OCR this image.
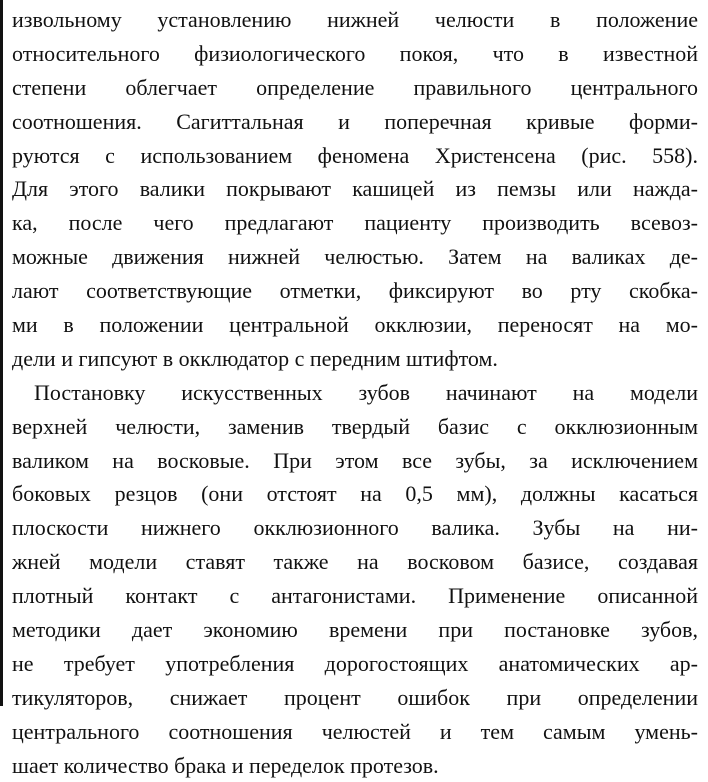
извольному установлению нижней челюсти в положение
относительного физиологического покоя, что в известной
степени облегчает определение правильного центрального
соотношения. Сагиттальная и поперечная кривые форми-
руются с использованием феномена Христенсена (рис. 558).
Для этого валики покрывают кашицей из пемзы или нажда-
ка, после чего предлагают пациенту производить всевоз-
можные движения нижней челюстью. Затем на валиках де-
лают соответствующие отметки, фиксируют во рту скобка-
ми в положении центральной окклюзии, переносят на мо-
дели и гипсуют в окклюдатор с передним штифтом.
Постановку искусственных зубов начинают на модели
верхней челюсти, заменив твердый базис с окклюзионным
валиком на восковые. При этом все зубы, за исключением
боковых резцов (они отстоят на 0,5 мм), должны касаться
плоскости нижнего окклюзионного валика. Зубы на ни-
жней модели ставят также на восковом базисе, создавая
плотный контакт с антагонистами. Применение описанной
методики дает экономию времени при постановке зубов,
не требует употребления дорогостоящих анатомических ар-
тикуляторов, снижает процент ошибок при определении
центрального соотношения челюстей и тем самым умень-
шает количество брака и переделок протезов.
